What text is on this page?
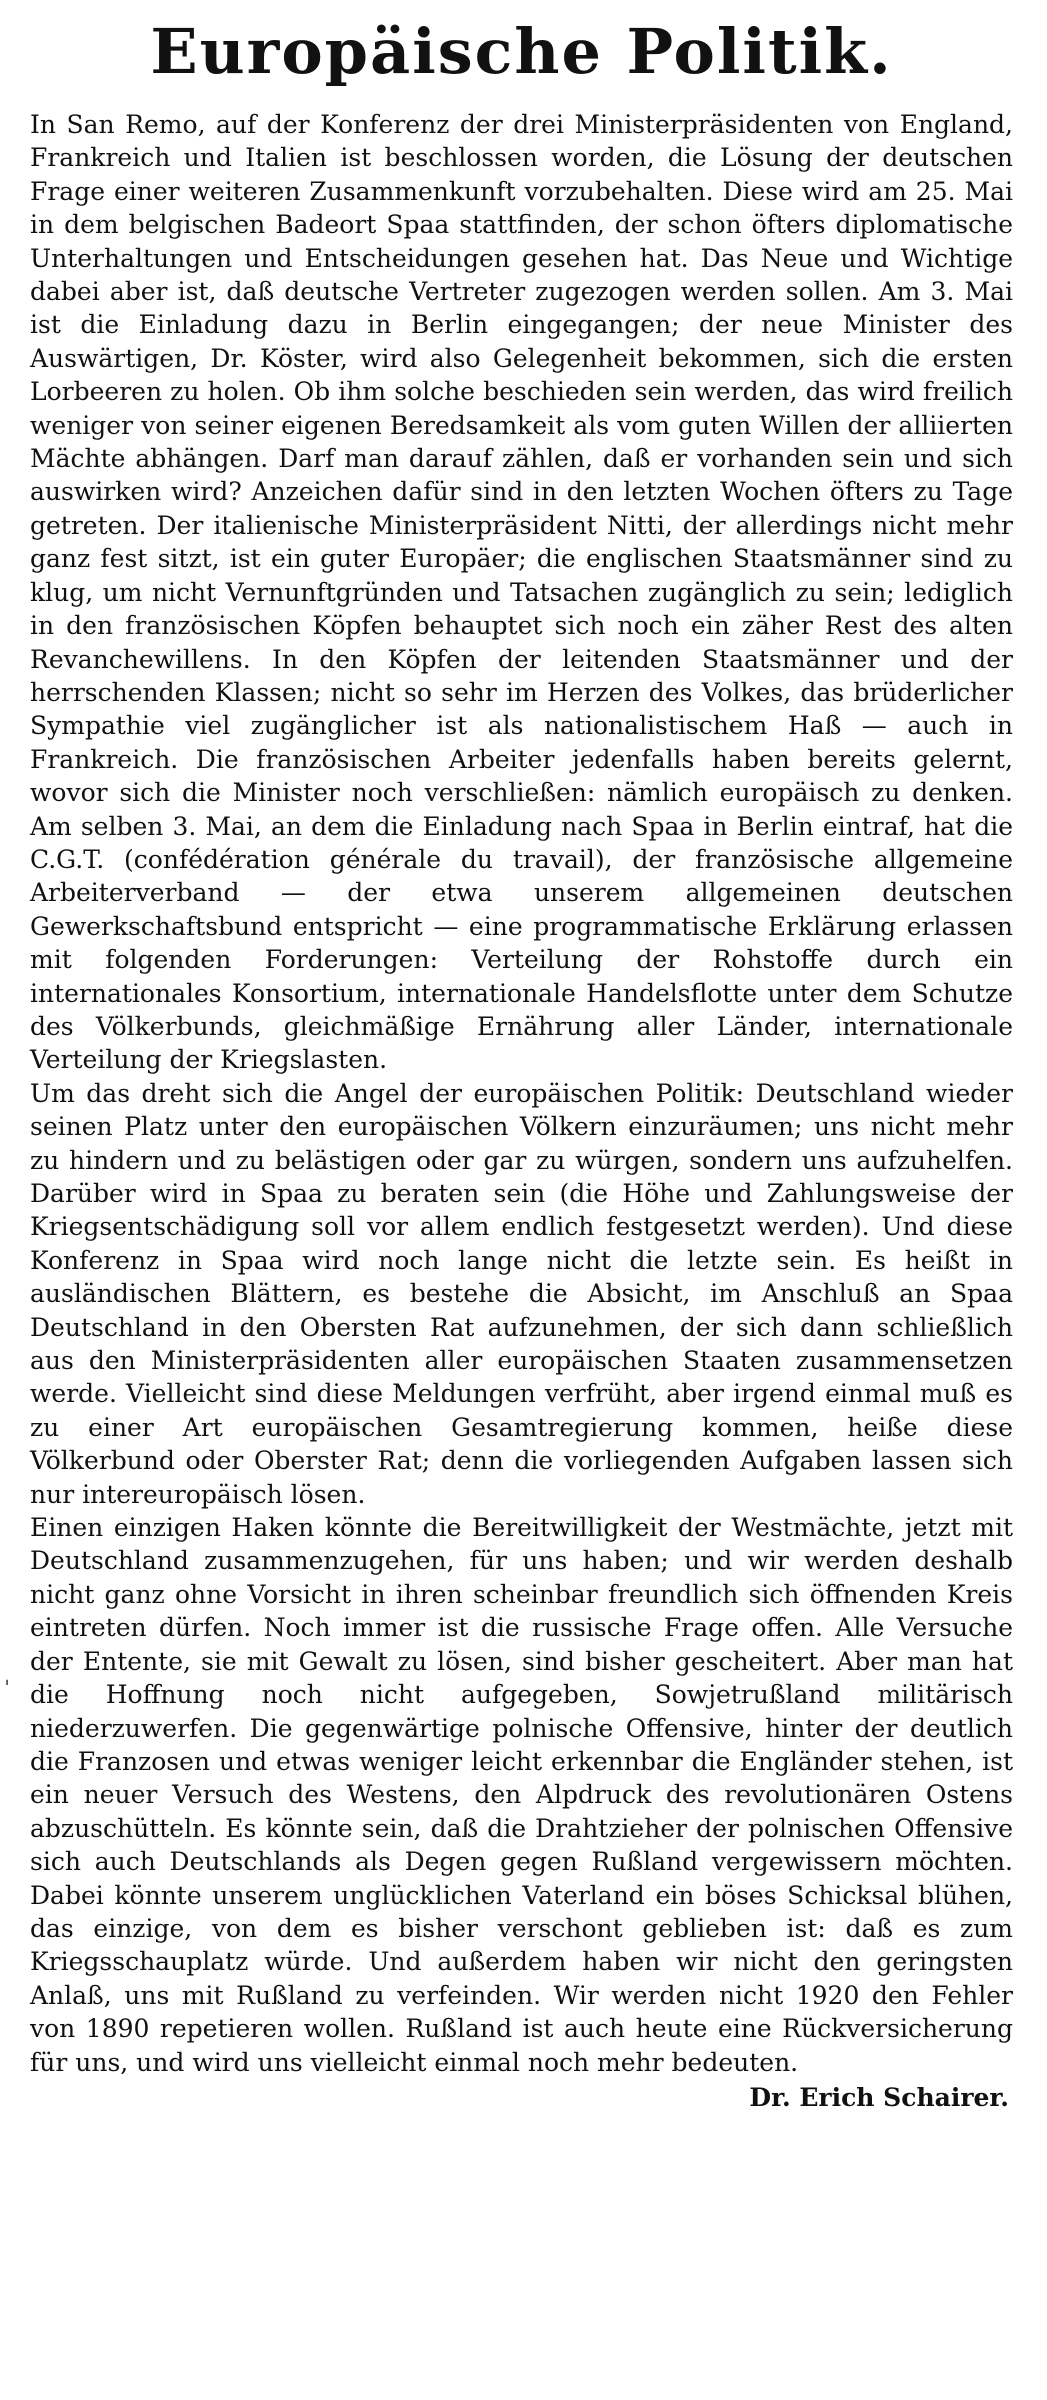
Europäische Politik.

In San Remo, auf der Konferenz der drei Ministerpräsidenten von England, Frankreich und Italien ist beschlossen worden, die Lösung der deutschen Frage einer weiteren Zusammenkunft vorzubehalten. Diese wird am 25. Mai in dem belgischen Badeort Spaa stattfinden, der schon öfters diplomatische Unterhaltungen und Entscheidungen gesehen hat. Das Neue und Wichtige dabei aber ist, daß deutsche Vertreter zugezogen werden sollen. Am 3. Mai ist die Einladung dazu in Berlin eingegangen; der neue Minister des Auswärtigen, Dr. Köster, wird also Gelegenheit bekommen, sich die ersten Lorbeeren zu holen. Ob ihm solche beschieden sein werden, das wird freilich weniger von seiner eigenen Beredsamkeit als vom guten Willen der alliierten Mächte abhängen. Darf man darauf zählen, daß er vorhanden sein und sich auswirken wird? Anzeichen dafür sind in den letzten Wochen öfters zu Tage getreten. Der italienische Ministerpräsident Nitti, der allerdings nicht mehr ganz fest sitzt, ist ein guter Europäer; die englischen Staatsmänner sind zu klug, um nicht Vernunftgründen und Tatsachen zugänglich zu sein; lediglich in den französischen Köpfen behauptet sich noch ein zäher Rest des alten Revanchewillens. In den Köpfen der leitenden Staatsmänner und der herrschenden Klassen; nicht so sehr im Herzen des Volkes, das brüderlicher Sympathie viel zugänglicher ist als nationalistischem Haß — auch in Frankreich. Die französischen Arbeiter jedenfalls haben bereits gelernt, wovor sich die Minister noch verschließen: nämlich europäisch zu denken. Am selben 3. Mai, an dem die Einladung nach Spaa in Berlin eintraf, hat die C.G.T. (confédération générale du travail), der französische allgemeine Arbeiterverband — der etwa unserem allgemeinen deutschen Gewerkschaftsbund entspricht — eine programmatische Erklärung erlassen mit folgenden Forderungen: Verteilung der Rohstoffe durch ein internationales Konsortium, internationale Handelsflotte unter dem Schutze des Völkerbunds, gleichmäßige Ernährung aller Länder, internationale Verteilung der Kriegslasten.

Um das dreht sich die Angel der europäischen Politik: Deutschland wieder seinen Platz unter den europäischen Völkern einzuräumen; uns nicht mehr zu hindern und zu belästigen oder gar zu würgen, sondern uns aufzuhelfen. Darüber wird in Spaa zu beraten sein (die Höhe und Zahlungsweise der Kriegsentschädigung soll vor allem endlich festgesetzt werden). Und diese Konferenz in Spaa wird noch lange nicht die letzte sein. Es heißt in ausländischen Blättern, es bestehe die Absicht, im Anschluß an Spaa Deutschland in den Obersten Rat aufzunehmen, der sich dann schließlich aus den Ministerpräsidenten aller europäischen Staaten zusammensetzen werde. Vielleicht sind diese Meldungen verfrüht, aber irgend einmal muß es zu einer Art europäischen Gesamtregierung kommen, heiße diese Völkerbund oder Oberster Rat; denn die vorliegenden Aufgaben lassen sich nur intereuropäisch lösen.

Einen einzigen Haken könnte die Bereitwilligkeit der Westmächte, jetzt mit Deutschland zusammenzugehen, für uns haben; und wir werden deshalb nicht ganz ohne Vorsicht in ihren scheinbar freundlich sich öffnenden Kreis eintreten dürfen. Noch immer ist die russische Frage offen. Alle Versuche der Entente, sie mit Gewalt zu lösen, sind bisher gescheitert. Aber man hat die Hoffnung noch nicht aufgegeben, Sowjetrußland militärisch niederzuwerfen. Die gegenwärtige polnische Offensive, hinter der deutlich die Franzosen und etwas weniger leicht erkennbar die Engländer stehen, ist ein neuer Versuch des Westens, den Alpdruck des revolutionären Ostens abzuschütteln. Es könnte sein, daß die Drahtzieher der polnischen Offensive sich auch Deutschlands als Degen gegen Rußland vergewissern möchten. Dabei könnte unserem unglücklichen Vaterland ein böses Schicksal blühen, das einzige, von dem es bisher verschont geblieben ist: daß es zum Kriegsschauplatz würde. Und außerdem haben wir nicht den geringsten Anlaß, uns mit Rußland zu verfeinden. Wir werden nicht 1920 den Fehler von 1890 repetieren wollen. Rußland ist auch heute eine Rückversicherung für uns, und wird uns vielleicht einmal noch mehr bedeuten.

Dr. Erich Schairer.
ˈ
